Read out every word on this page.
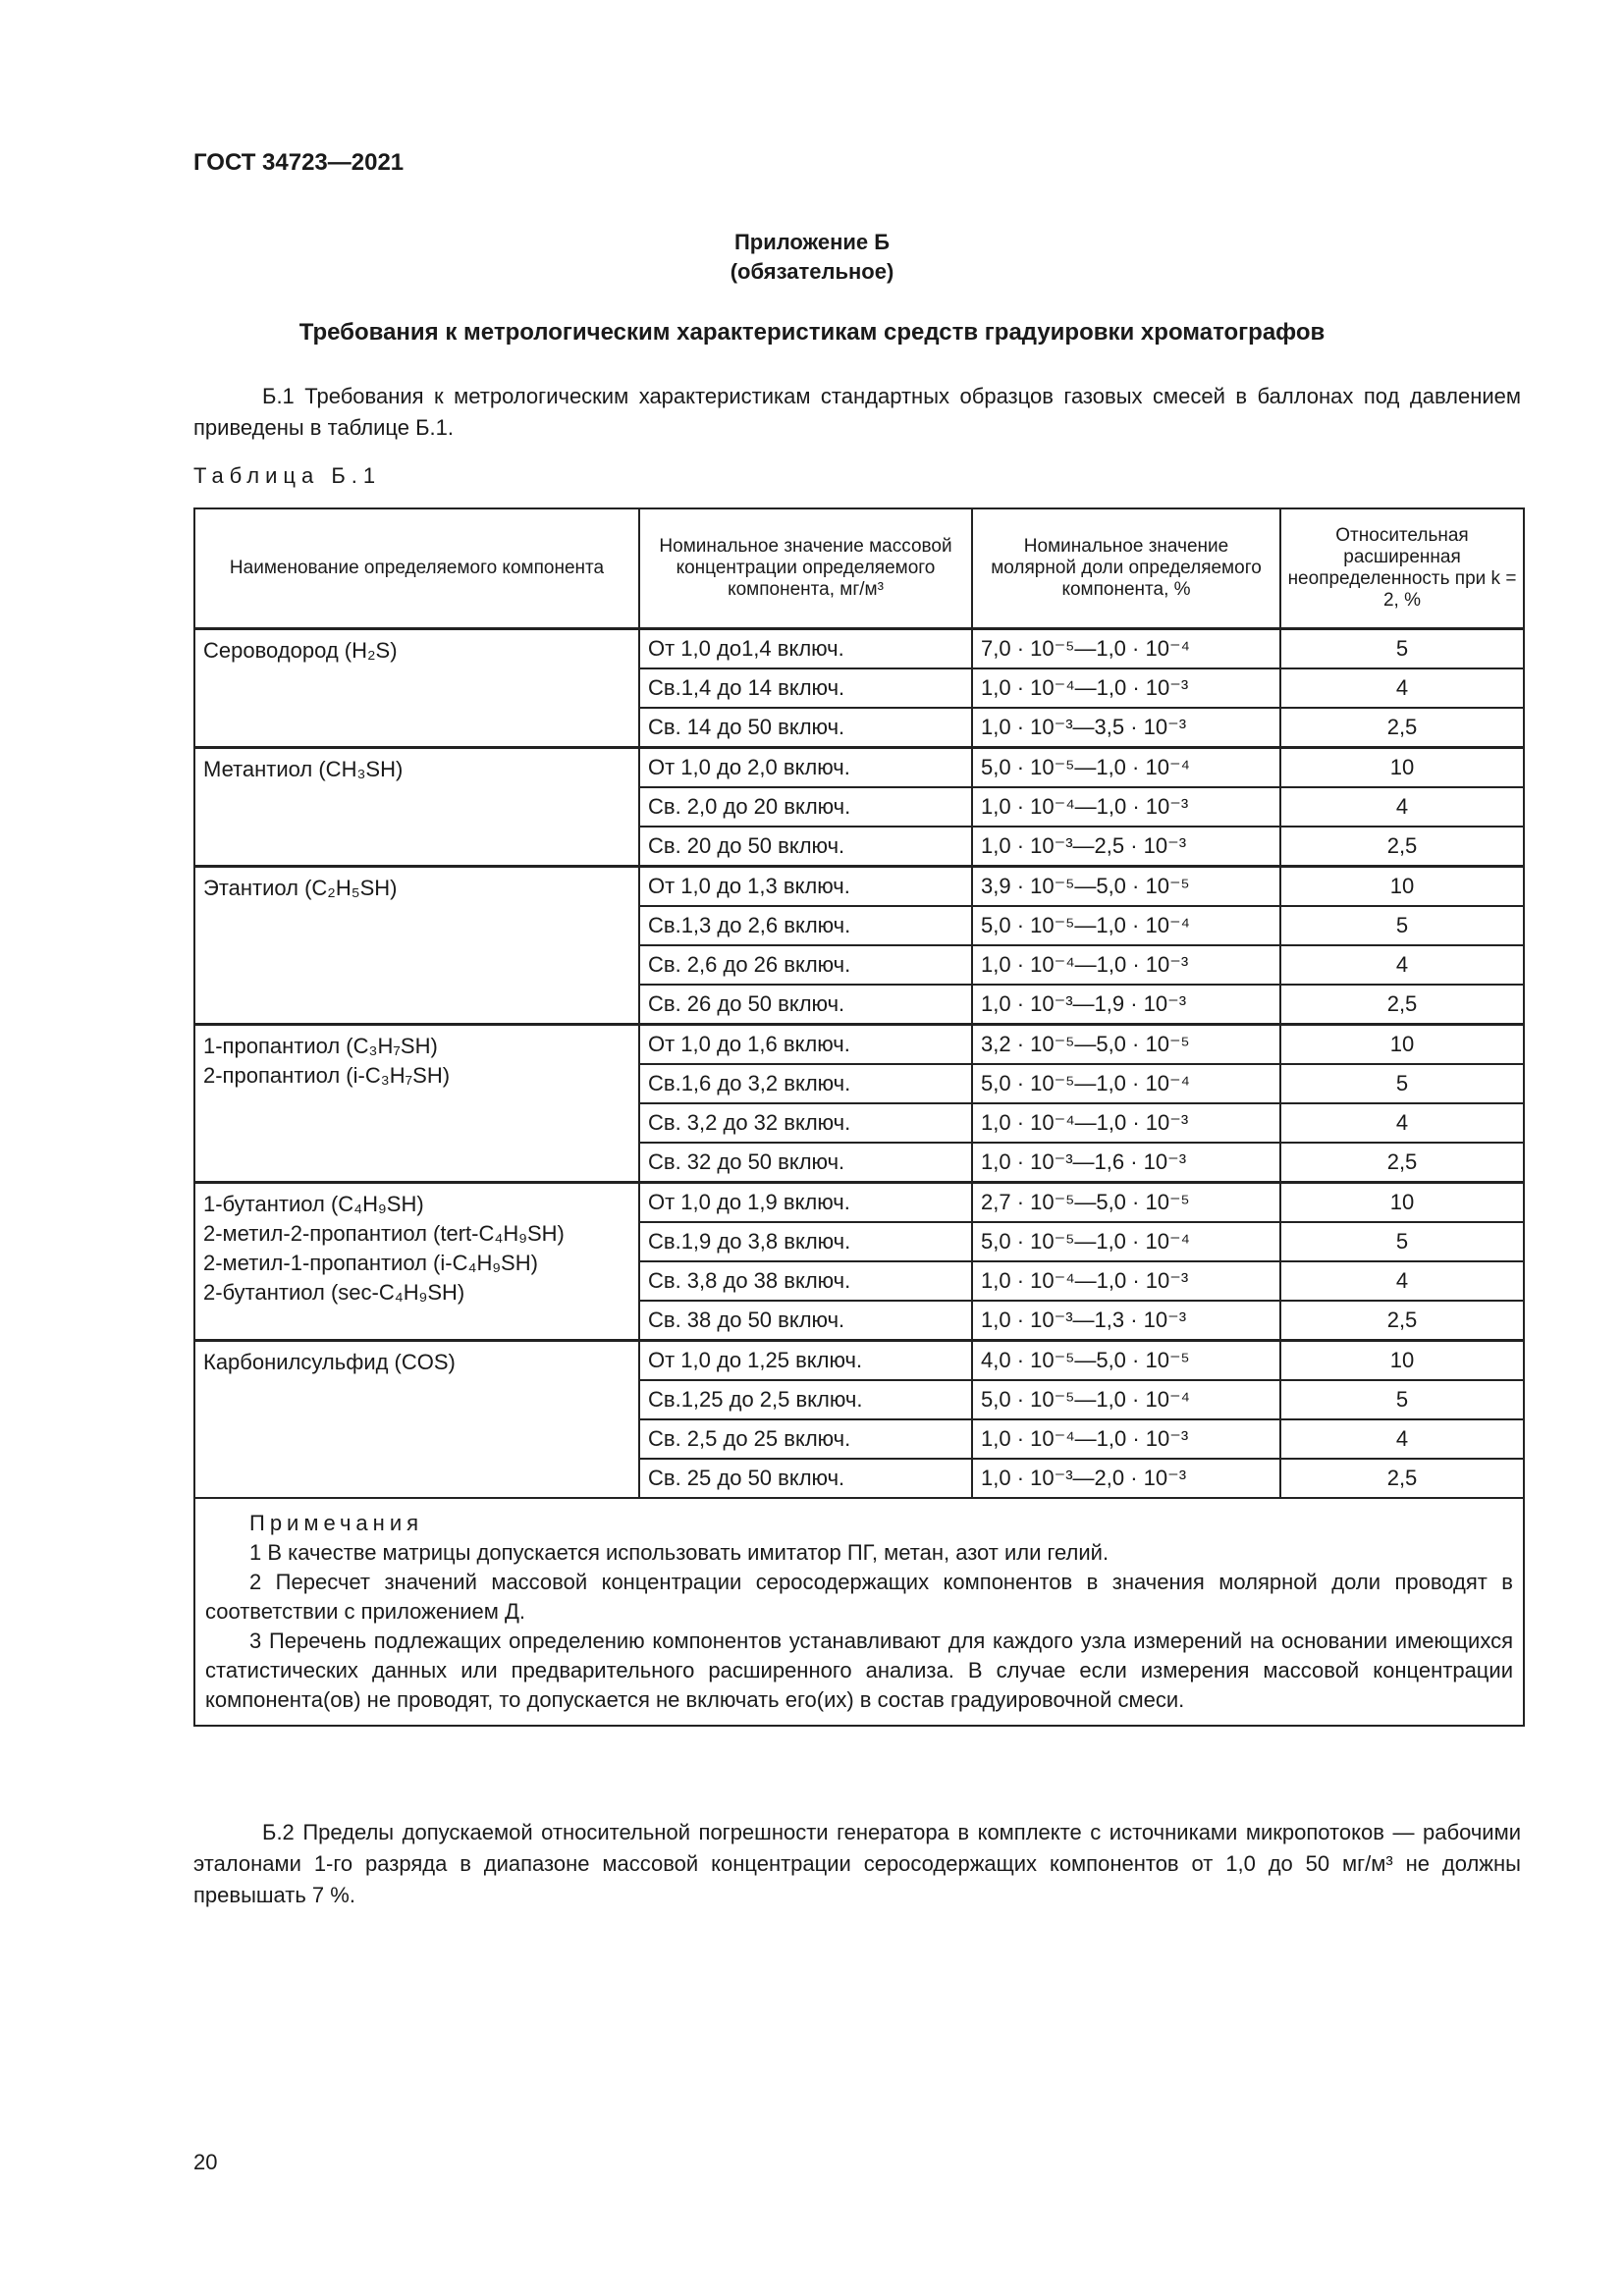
ГОСТ 34723—2021
Приложение Б
(обязательное)
Требования к метрологическим характеристикам средств градуировки хроматографов
Б.1 Требования к метрологическим характеристикам стандартных образцов газовых смесей в баллонах под давлением приведены в таблице Б.1.
Таблица Б.1
Наименование определяемого компонента	Номинальное значение массовой концентрации определяемого компонента, мг/м³	Номинальное значение молярной доли определяемого компонента, %	Относительная расширенная неопределенность при k = 2, %

Сероводород (H₂S)	От 1,0 до1,4 включ.	7,0 · 10⁻⁵—1,0 · 10⁻⁴	5
	Св.1,4 до 14 включ.	1,0 · 10⁻⁴—1,0 · 10⁻³	4
	Св. 14 до 50 включ.	1,0 · 10⁻³—3,5 · 10⁻³	2,5

Метантиол (CH₃SH)	От 1,0 до 2,0 включ.	5,0 · 10⁻⁵—1,0 · 10⁻⁴	10
	Св. 2,0 до 20 включ.	1,0 · 10⁻⁴—1,0 · 10⁻³	4
	Св. 20 до 50 включ.	1,0 · 10⁻³—2,5 · 10⁻³	2,5

Этантиол (C₂H₅SH)	От 1,0 до 1,3 включ.	3,9 · 10⁻⁵—5,0 · 10⁻⁵	10
	Св.1,3 до 2,6 включ.	5,0 · 10⁻⁵—1,0 · 10⁻⁴	5
	Св. 2,6 до 26 включ.	1,0 · 10⁻⁴—1,0 · 10⁻³	4
	Св. 26 до 50 включ.	1,0 · 10⁻³—1,9 · 10⁻³	2,5

1-пропантиол (C₃H₇SH)
2-пропантиол (i-C₃H₇SH)	От 1,0 до 1,6 включ.	3,2 · 10⁻⁵—5,0 · 10⁻⁵	10
	Св.1,6 до 3,2 включ.	5,0 · 10⁻⁵—1,0 · 10⁻⁴	5
	Св. 3,2 до 32 включ.	1,0 · 10⁻⁴—1,0 · 10⁻³	4
	Св. 32 до 50 включ.	1,0 · 10⁻³—1,6 · 10⁻³	2,5

1-бутантиол (C₄H₉SH)
2-метил-2-пропантиол (tert-C₄H₉SH)
2-метил-1-пропантиол (i-C₄H₉SH)
2-бутантиол (sec-C₄H₉SH)	От 1,0 до 1,9 включ.	2,7 · 10⁻⁵—5,0 · 10⁻⁵	10
	Св.1,9 до 3,8 включ.	5,0 · 10⁻⁵—1,0 · 10⁻⁴	5
	Св. 3,8 до 38 включ.	1,0 · 10⁻⁴—1,0 · 10⁻³	4
	Св. 38 до 50 включ.	1,0 · 10⁻³—1,3 · 10⁻³	2,5

Карбонилсульфид (COS)	От 1,0 до 1,25 включ.	4,0 · 10⁻⁵—5,0 · 10⁻⁵	10
	Св.1,25 до 2,5 включ.	5,0 · 10⁻⁵—1,0 · 10⁻⁴	5
	Св. 2,5 до 25 включ.	1,0 · 10⁻⁴—1,0 · 10⁻³	4
	Св. 25 до 50 включ.	1,0 · 10⁻³—2,0 · 10⁻³	2,5

Примечания
1 В качестве матрицы допускается использовать имитатор ПГ, метан, азот или гелий.
2 Пересчет значений массовой концентрации серосодержащих компонентов в значения молярной доли проводят в соответствии с приложением Д.
3 Перечень подлежащих определению компонентов устанавливают для каждого узла измерений на основании имеющихся статистических данных или предварительного расширенного анализа. В случае если измерения массовой концентрации компонента(ов) не проводят, то допускается не включать его(их) в состав градуировочной смеси.			
Б.2 Пределы допускаемой относительной погрешности генератора в комплекте с источниками микропотоков — рабочими эталонами 1-го разряда в диапазоне массовой концентрации серосодержащих компонентов от 1,0 до 50 мг/м³ не должны превышать 7 %.
20
